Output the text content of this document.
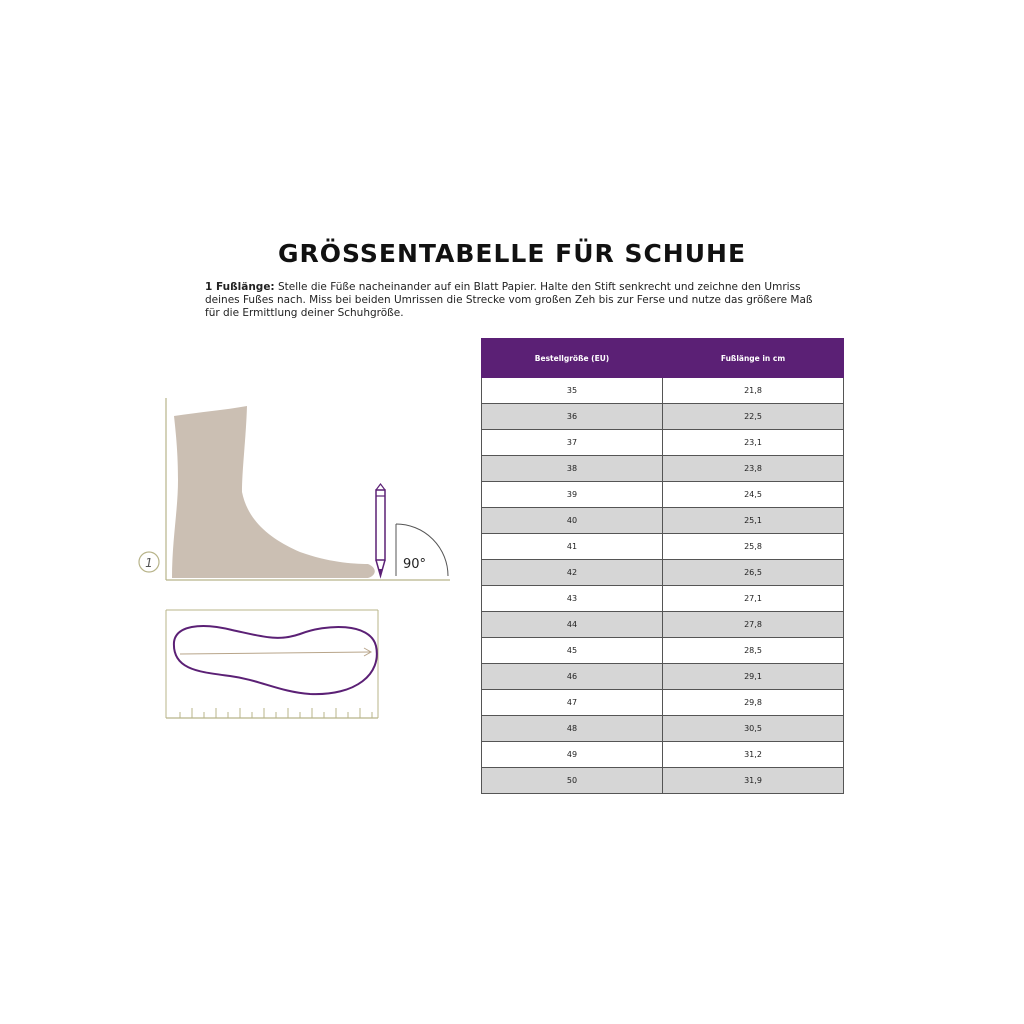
GRÖSSENTABELLE FÜR SCHUHE

1 Fußlänge: Stelle die Füße nacheinander auf ein Blatt Papier. Halte den Stift senkrecht und zeichne den Umriss deines Fußes nach. Miss bei beiden Umrissen die Strecke vom großen Zeh bis zur Ferse und nutze das größere Maß für die Ermittlung deiner Schuhgröße.

90°
1
Bestellgröße (EU)	Fußlänge in cm
35	21,8
36	22,5
37	23,1
38	23,8
39	24,5
40	25,1
41	25,8
42	26,5
43	27,1
44	27,8
45	28,5
46	29,1
47	29,8
48	30,5
49	31,2
50	31,9
